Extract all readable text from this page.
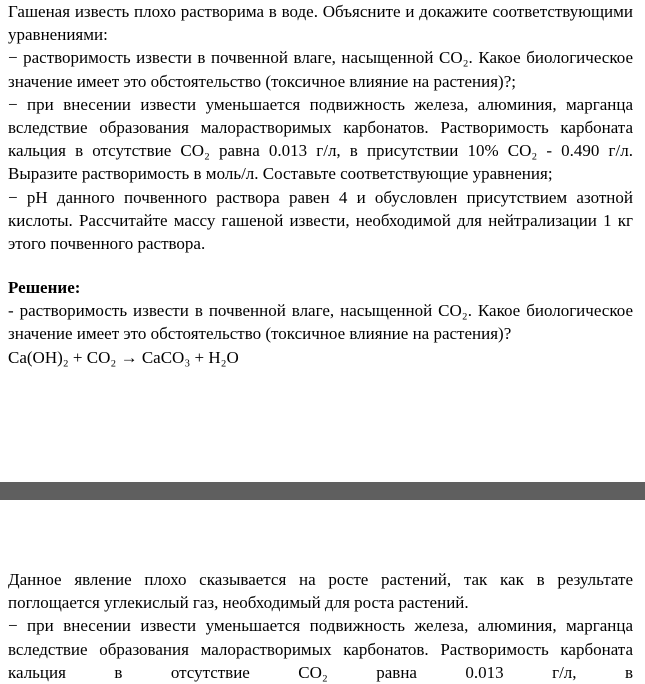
Гашеная известь плохо растворима в воде. Объясните и докажите соответствующими уравнениями:

− растворимость извести в почвенной влаге, насыщенной CO₂. Какое биологическое значение имеет это обстоятельство (токсичное влияние на растения)?;

− при внесении извести уменьшается подвижность железа, алюминия, марганца вследствие образования малорастворимых карбонатов. Растворимость карбоната кальция в отсутствие CO₂ равна 0.013 г/л, в присутствии 10% CO₂ - 0.490 г/л. Выразите растворимость в моль/л. Составьте соответствующие уравнения;

− pH данного почвенного раствора равен 4 и обусловлен присутствием азотной кислоты. Рассчитайте массу гашеной извести, необходимой для нейтрализации 1 кг этого почвенного раствора.

Решение:

- растворимость извести в почвенной влаге, насыщенной CO₂. Какое биологическое значение имеет это обстоятельство (токсичное влияние на растения)?

Ca(OH)₂ + CO₂ → CaCO₃ + H₂O

Данное явление плохо сказывается на росте растений, так как в результате поглощается углекислый газ, необходимый для роста растений.

− при внесении извести уменьшается подвижность железа, алюминия, марганца вследствие образования малорастворимых карбонатов. Растворимость карбоната кальция в отсутствие CO₂ равна 0.013 г/л, в
